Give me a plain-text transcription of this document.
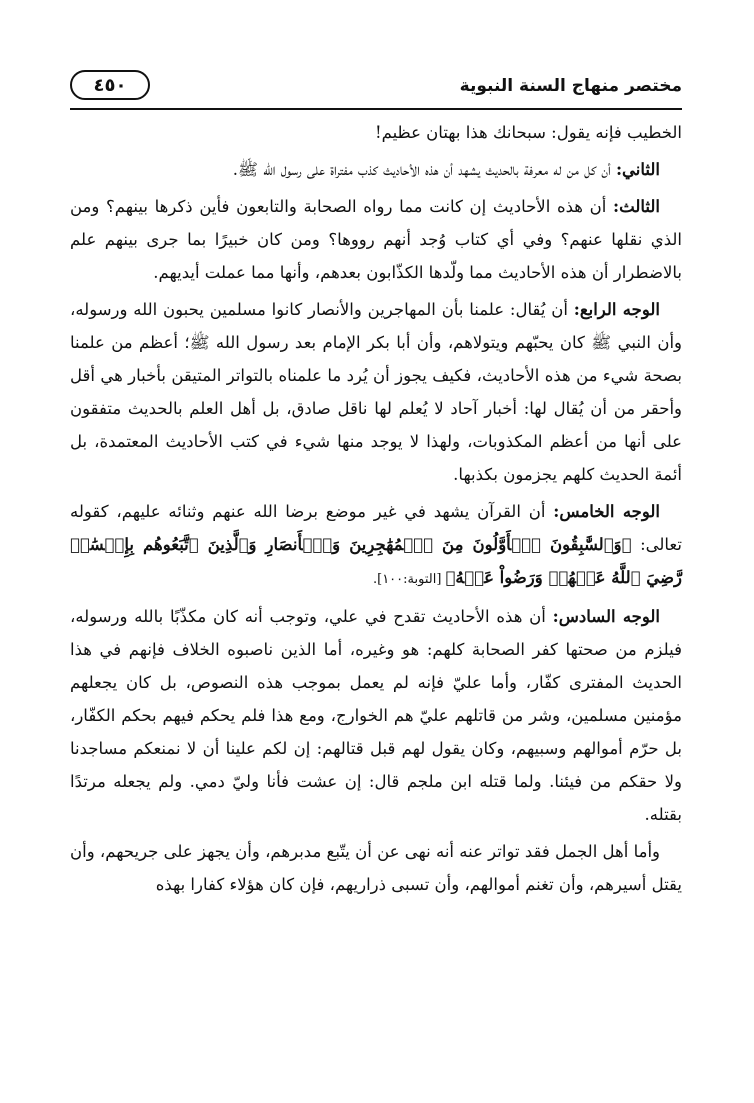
مختصر منهاج السنة النبوية
٤٥٠

الخطيب فإنه يقول: سبحانك هذا بهتان عظيم!

الثاني: أن كل من له معرفة بالحديث يشهد أن هذه الأحاديث كذب مفتراة على رسول الله ﷺ.

الثالث: أن هذه الأحاديث إن كانت مما رواه الصحابة والتابعون فأين ذكرها بينهم؟ ومن الذي نقلها عنهم؟ وفي أي كتاب وُجد أنهم رووها؟ ومن كان خبيرًا بما جرى بينهم علم بالاضطرار أن هذه الأحاديث مما ولّدها الكذّابون بعدهم، وأنها مما عملت أيديهم.

الوجه الرابع: أن يُقال: علمنا بأن المهاجرين والأنصار كانوا مسلمين يحبون الله ورسوله، وأن النبي ﷺ كان يحبّهم ويتولاهم، وأن أبا بكر الإمام بعد رسول الله ﷺ؛ أعظم من علمنا بصحة شيء من هذه الأحاديث، فكيف يجوز أن يُرد ما علمناه بالتواتر المتيقن بأخبار هي أقل وأحقر من أن يُقال لها: أخبار آحاد لا يُعلم لها ناقل صادق، بل أهل العلم بالحديث متفقون على أنها من أعظم المكذوبات، ولهذا لا يوجد منها شيء في كتب الأحاديث المعتمدة، بل أئمة الحديث كلهم يجزمون بكذبها.

الوجه الخامس: أن القرآن يشهد في غير موضع برضا الله عنهم وثنائه عليهم، كقوله تعالى: ﴿وَٱلسَّٰبِقُونَ ٱلۡأَوَّلُونَ مِنَ ٱلۡمُهَٰجِرِينَ وَٱلۡأَنصَارِ وَٱلَّذِينَ ٱتَّبَعُوهُم بِإِحۡسَٰنٖ رَّضِيَ ٱللَّهُ عَنۡهُمۡ وَرَضُواْ عَنۡهُ﴾ [التوبة:١٠٠].

الوجه السادس: أن هذه الأحاديث تقدح في علي، وتوجب أنه كان مكذّبًا بالله ورسوله، فيلزم من صحتها كفر الصحابة كلهم: هو وغيره، أما الذين ناصبوه الخلاف فإنهم في هذا الحديث المفترى كفّار، وأما عليّ فإنه لم يعمل بموجب هذه النصوص، بل كان يجعلهم مؤمنين مسلمين، وشر من قاتلهم عليّ هم الخوارج، ومع هذا فلم يحكم فيهم بحكم الكفّار، بل حرّم أموالهم وسبيهم، وكان يقول لهم قبل قتالهم: إن لكم علينا أن لا نمنعكم مساجدنا ولا حقكم من فيئنا. ولما قتله ابن ملجم قال: إن عشت فأنا وليّ دمي. ولم يجعله مرتدًا بقتله.

وأما أهل الجمل فقد تواتر عنه أنه نهى عن أن يتّبع مدبرهم، وأن يجهز على جريحهم، وأن يقتل أسيرهم، وأن تغنم أموالهم، وأن تسبى ذراريهم، فإن كان هؤلاء كفارا بهذه
